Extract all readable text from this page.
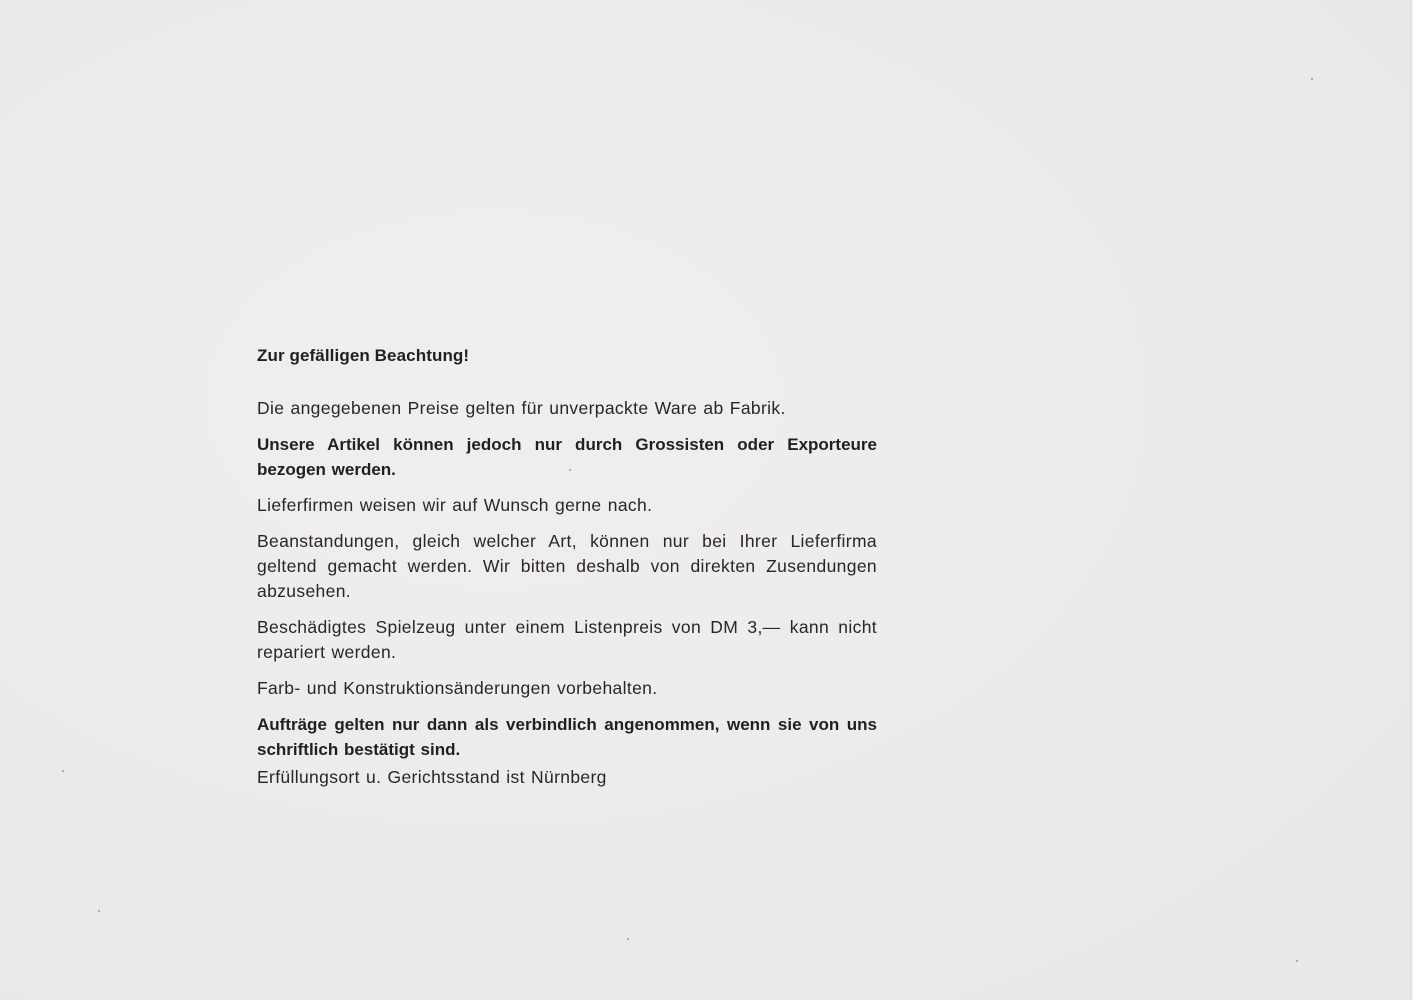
Zur gefälligen Beachtung!

Die angegebenen Preise gelten für unverpackte Ware ab Fabrik.

Unsere Artikel können jedoch nur durch Grossisten oder Exporteure bezogen werden.

Lieferfirmen weisen wir auf Wunsch gerne nach.

Beanstandungen, gleich welcher Art, können nur bei Ihrer Lieferfirma geltend gemacht werden. Wir bitten deshalb von direkten Zusendungen abzusehen.

Beschädigtes Spielzeug unter einem Listenpreis von DM 3,— kann nicht repariert werden.

Farb- und Konstruktionsänderungen vorbehalten.

Aufträge gelten nur dann als verbindlich angenommen, wenn sie von uns schriftlich bestätigt sind.

Erfüllungsort u. Gerichtsstand ist Nürnberg
